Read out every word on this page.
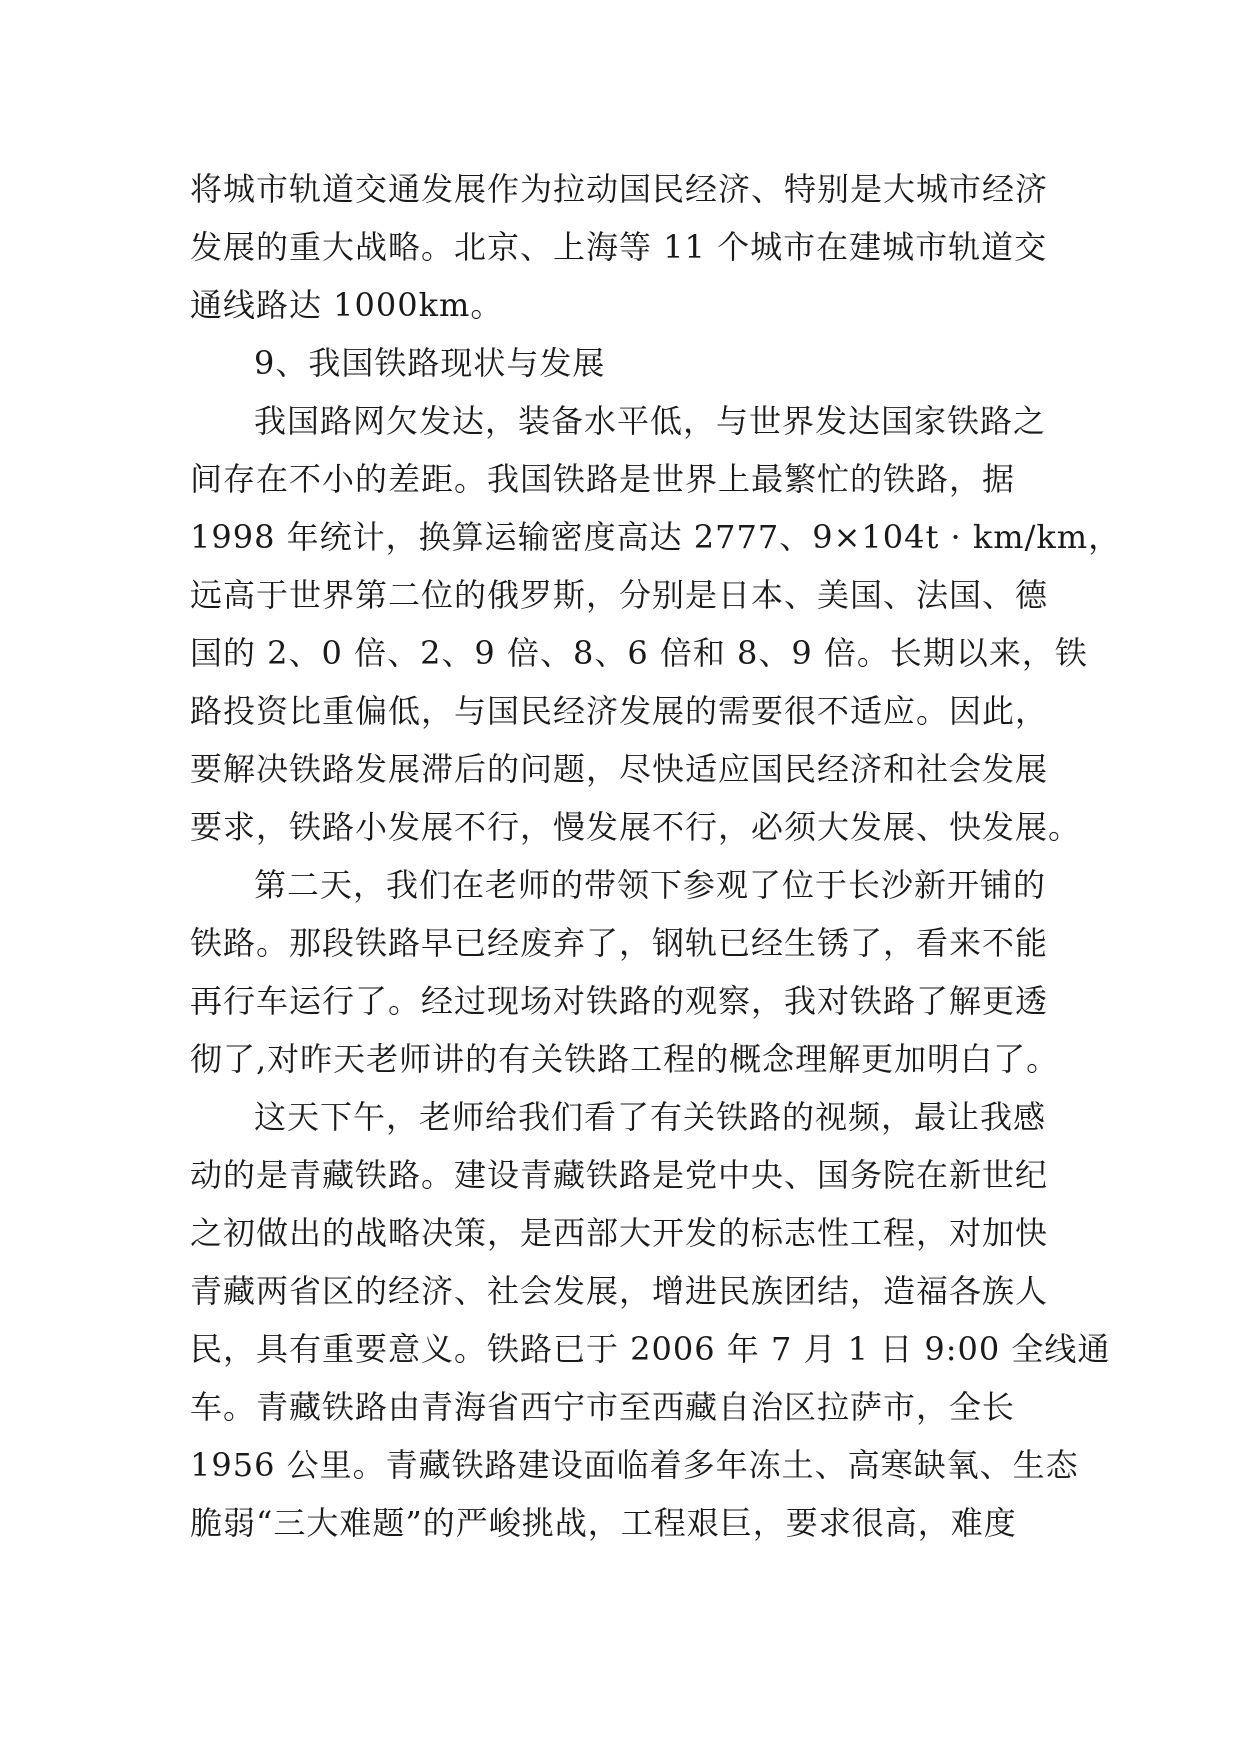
将城市轨道交通发展作为拉动国民经济、特别是大城市经济
发展的重大战略。北京、上海等 11 个城市在建城市轨道交
通线路达 1000km。
9、我国铁路现状与发展
我国路网欠发达，装备水平低，与世界发达国家铁路之
间存在不小的差距。我国铁路是世界上最繁忙的铁路，据
1998 年统计，换算运输密度高达 2777、9×104t · km/km，
远高于世界第二位的俄罗斯，分别是日本、美国、法国、德
国的 2、0 倍、2、9 倍、8、6 倍和 8、9 倍。长期以来，铁
路投资比重偏低，与国民经济发展的需要很不适应。因此，
要解决铁路发展滞后的问题，尽快适应国民经济和社会发展
要求，铁路小发展不行，慢发展不行，必须大发展、快发展。
第二天，我们在老师的带领下参观了位于长沙新开铺的
铁路。那段铁路早已经废弃了，钢轨已经生锈了，看来不能
再行车运行了。经过现场对铁路的观察，我对铁路了解更透
彻了,对昨天老师讲的有关铁路工程的概念理解更加明白了。
这天下午，老师给我们看了有关铁路的视频，最让我感
动的是青藏铁路。建设青藏铁路是党中央、国务院在新世纪
之初做出的战略决策，是西部大开发的标志性工程，对加快
青藏两省区的经济、社会发展，增进民族团结，造福各族人
民，具有重要意义。铁路已于 2006 年 7 月 1 日 9:00 全线通
车。青藏铁路由青海省西宁市至西藏自治区拉萨市，全长
1956 公里。青藏铁路建设面临着多年冻土、高寒缺氧、生态
脆弱“三大难题”的严峻挑战，工程艰巨，要求很高，难度
